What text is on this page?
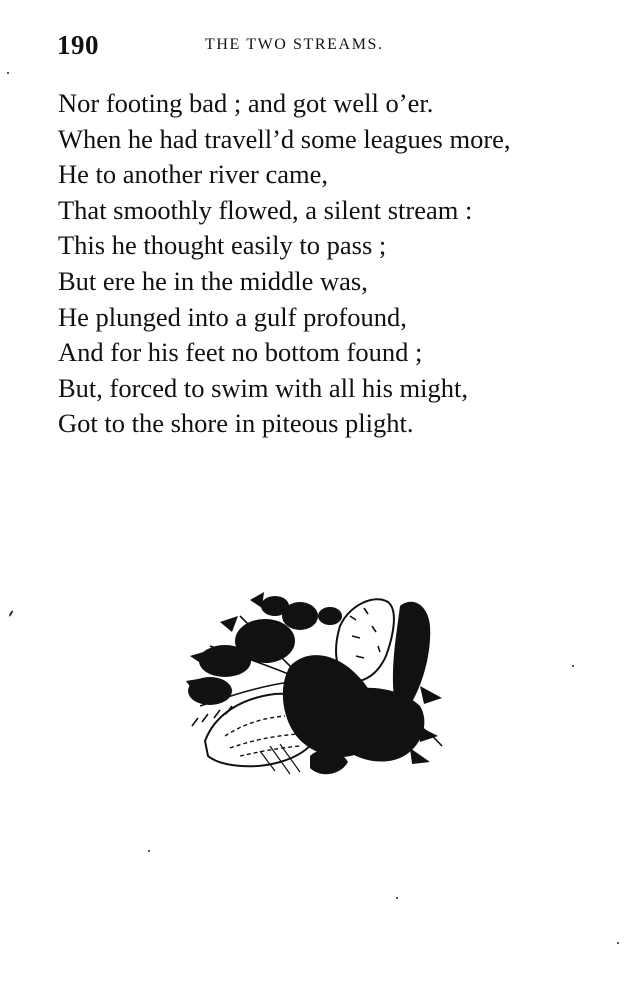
190	THE TWO STREAMS.
Nor footing bad ; and got well o’er.
When he had travell’d some leagues more,
He to another river came,
That smoothly flowed, a silent stream :
This he thought easily to pass ;
But ere he in the middle was,
He plunged into a gulf profound,
And for his feet no bottom found ;
But, forced to swim with all his might,
Got to the shore in piteous plight.
